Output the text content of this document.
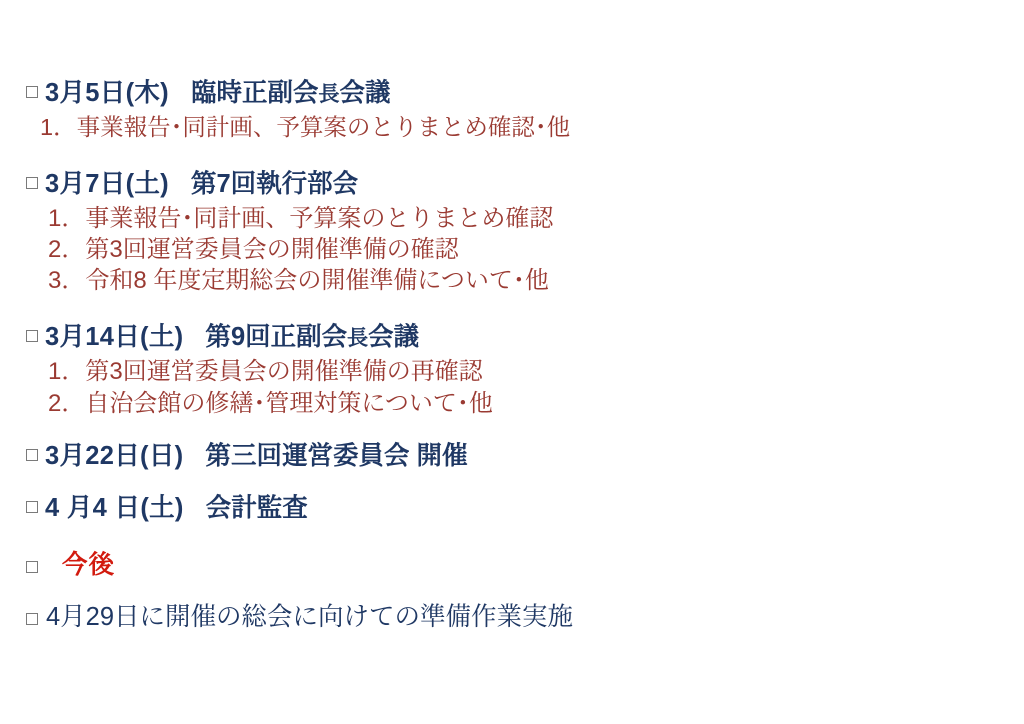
3月5日(木) 臨時正副会長会議
1．事業報告･同計画、予算案のとりまとめ確認･他
3月7日(土) 第7回執行部会
1．事業報告･同計画、予算案のとりまとめ確認
2．第3回運営委員会の開催準備の確認
3．令和8 年度定期総会の開催準備について･他
3月14日(土) 第9回正副会長会議
1．第3回運営委員会の開催準備の再確認
2．自治会館の修繕･管理対策について･他
3月22日(日) 第三回運営委員会 開催
4 月4 日(土) 会計監査
今後
4月29日に開催の総会に向けての準備作業実施
